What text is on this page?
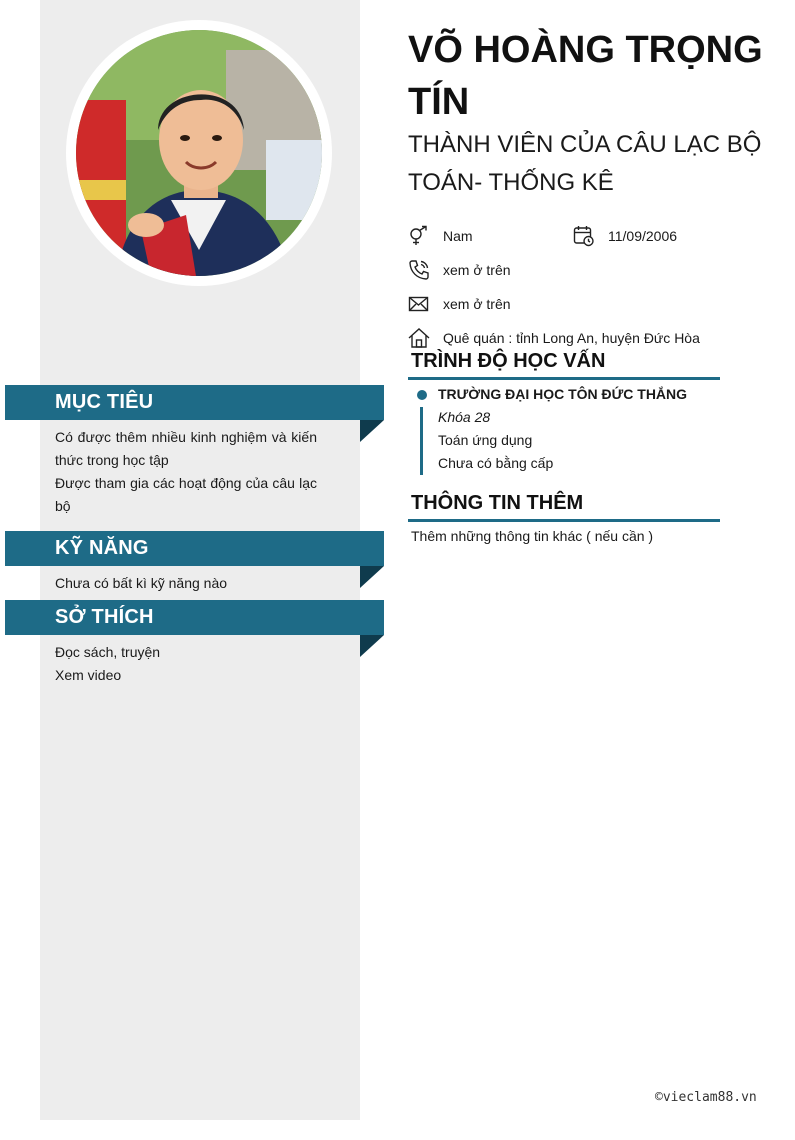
MỤC TIÊU
Có được thêm nhiều kinh nghiệm và kiến thức trong học tập
Được tham gia các hoạt động của câu lạc bộ
KỸ NĂNG
Chưa có bất kì kỹ năng nào
SỞ THÍCH
Đọc sách, truyện
Xem video
VÕ HOÀNG TRỌNG TÍN
THÀNH VIÊN CỦA CÂU LẠC BỘ TOÁN- THỐNG KÊ
Nam	11/09/2006
xem ở trên
xem ở trên
Quê quán : tỉnh Long An, huyện Đức Hòa
TRÌNH ĐỘ HỌC VẤN
TRƯỜNG ĐẠI HỌC TÔN ĐỨC THẮNG
Khóa 28
Toán ứng dụng
Chưa có bằng cấp
THÔNG TIN THÊM
Thêm những thông tin khác ( nếu cần )
©vieclam88.vn
